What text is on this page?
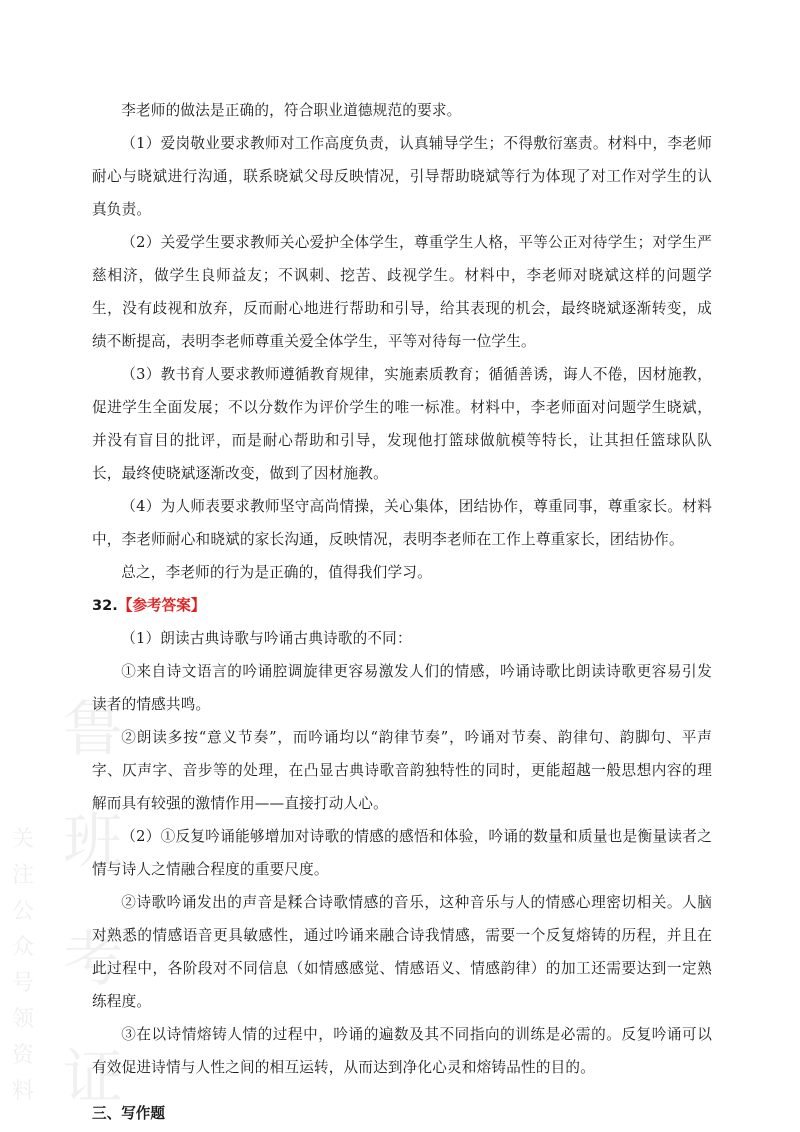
鲁
班
考
证
关
注
公
众
号
领
资
料

李老师的做法是正确的，符合职业道德规范的要求。

（1）爱岗敬业要求教师对工作高度负责，认真辅导学生；不得敷衍塞责。材料中，李老师耐心与晓斌进行沟通，联系晓斌父母反映情况，引导帮助晓斌等行为体现了对工作对学生的认真负责。

（2）关爱学生要求教师关心爱护全体学生，尊重学生人格，平等公正对待学生；对学生严慈相济，做学生良师益友；不讽刺、挖苦、歧视学生。材料中，李老师对晓斌这样的问题学生，没有歧视和放弃，反而耐心地进行帮助和引导，给其表现的机会，最终晓斌逐渐转变，成绩不断提高，表明李老师尊重关爱全体学生，平等对待每一位学生。

（3）教书育人要求教师遵循教育规律，实施素质教育；循循善诱，诲人不倦，因材施教，促进学生全面发展；不以分数作为评价学生的唯一标准。材料中，李老师面对问题学生晓斌，并没有盲目的批评，而是耐心帮助和引导，发现他打篮球做航模等特长，让其担任篮球队队长，最终使晓斌逐渐改变，做到了因材施教。

（4）为人师表要求教师坚守高尚情操，关心集体，团结协作，尊重同事，尊重家长。材料中，李老师耐心和晓斌的家长沟通，反映情况，表明李老师在工作上尊重家长，团结协作。

总之，李老师的行为是正确的，值得我们学习。

32.【参考答案】

（1）朗读古典诗歌与吟诵古典诗歌的不同：

①来自诗文语言的吟诵腔调旋律更容易激发人们的情感，吟诵诗歌比朗读诗歌更容易引发读者的情感共鸣。

②朗读多按“意义节奏”，而吟诵均以“韵律节奏”，吟诵对节奏、韵律句、韵脚句、平声字、仄声字、音步等的处理，在凸显古典诗歌音韵独特性的同时，更能超越一般思想内容的理解而具有较强的激情作用——直接打动人心。

（2）①反复吟诵能够增加对诗歌的情感的感悟和体验，吟诵的数量和质量也是衡量读者之情与诗人之情融合程度的重要尺度。

②诗歌吟诵发出的声音是糅合诗歌情感的音乐，这种音乐与人的情感心理密切相关。人脑对熟悉的情感语音更具敏感性，通过吟诵来融合诗我情感，需要一个反复熔铸的历程，并且在此过程中，各阶段对不同信息（如情感感觉、情感语义、情感韵律）的加工还需要达到一定熟练程度。

③在以诗情熔铸人情的过程中，吟诵的遍数及其不同指向的训练是必需的。反复吟诵可以有效促进诗情与人性之间的相互运转，从而达到净化心灵和熔铸品性的目的。

三、写作题
